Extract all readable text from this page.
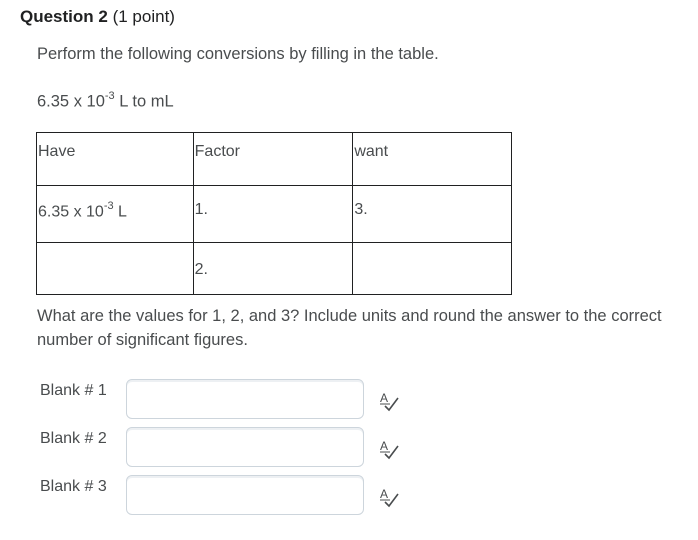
Question 2 (1 point)
Perform the following conversions by filling in the table.
6.35 x $10^{-3}$ L to mL
Have	Factor	want
6.35 x $10^{-3}$ L	1.	3.
	2.	
What are the values for 1, 2, and 3? Include units and round the answer to the correct number of significant figures.
Blank # 1	A
Blank # 2	A
Blank # 3	A
